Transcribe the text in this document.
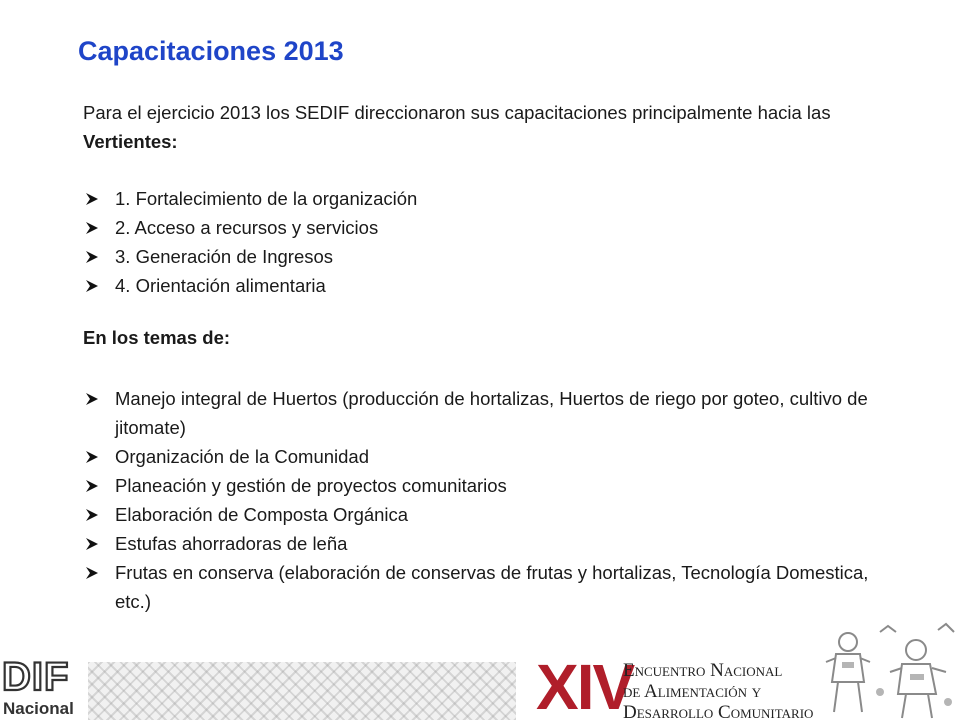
Capacitaciones 2013

Para el ejercicio 2013 los SEDIF direccionaron sus capacitaciones principalmente hacia las Vertientes:

1. Fortalecimiento de la organización
2. Acceso a recursos y servicios
3. Generación de Ingresos
4. Orientación alimentaria

En los temas de:

Manejo integral de Huertos (producción de hortalizas, Huertos de riego por goteo, cultivo de jitomate)
Organización de la Comunidad
Planeación y gestión de proyectos comunitarios
Elaboración de Composta Orgánica
Estufas ahorradoras de leña
Frutas en conserva (elaboración de conservas de frutas y hortalizas, Tecnología Domestica, etc.)
DIF
Nacional	XIV
Encuentro Nacional
de Alimentación y
Desarrollo Comunitario
